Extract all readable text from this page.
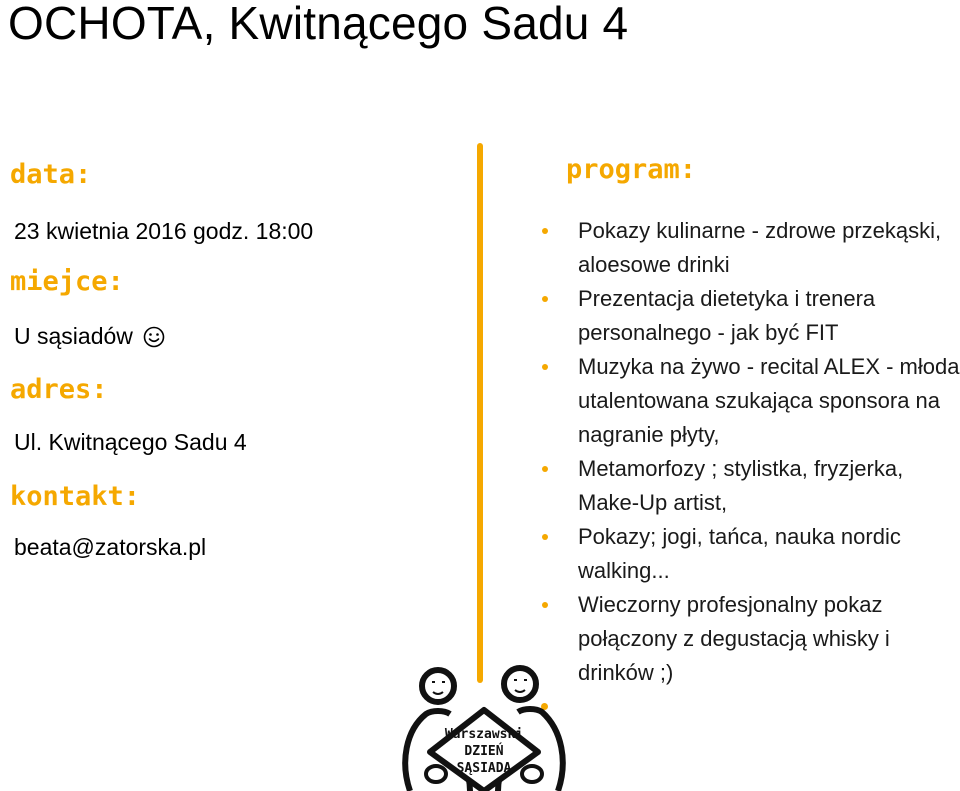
OCHOTA, Kwitnącego Sadu 4
data:
23 kwietnia 2016 godz. 18:00
miejce:
U sąsiadów
adres:
Ul. Kwitnącego Sadu 4
kontakt:
beata@zatorska.pl
program:
Pokazy kulinarne - zdrowe przekąski, aloesowe drinki
Prezentacja dietetyka i trenera personalnego - jak być FIT
Muzyka na żywo - recital ALEX - młoda utalentowana szukająca sponsora na nagranie płyty,
Metamorfozy ; stylistka, fryzjerka, Make-Up artist,
Pokazy; jogi, tańca, nauka nordic walking...
Wieczorny profesjonalny pokaz połączony z degustacją whisky i drinków ;)
Warszawski
DZIEŃ
SĄSIADA
